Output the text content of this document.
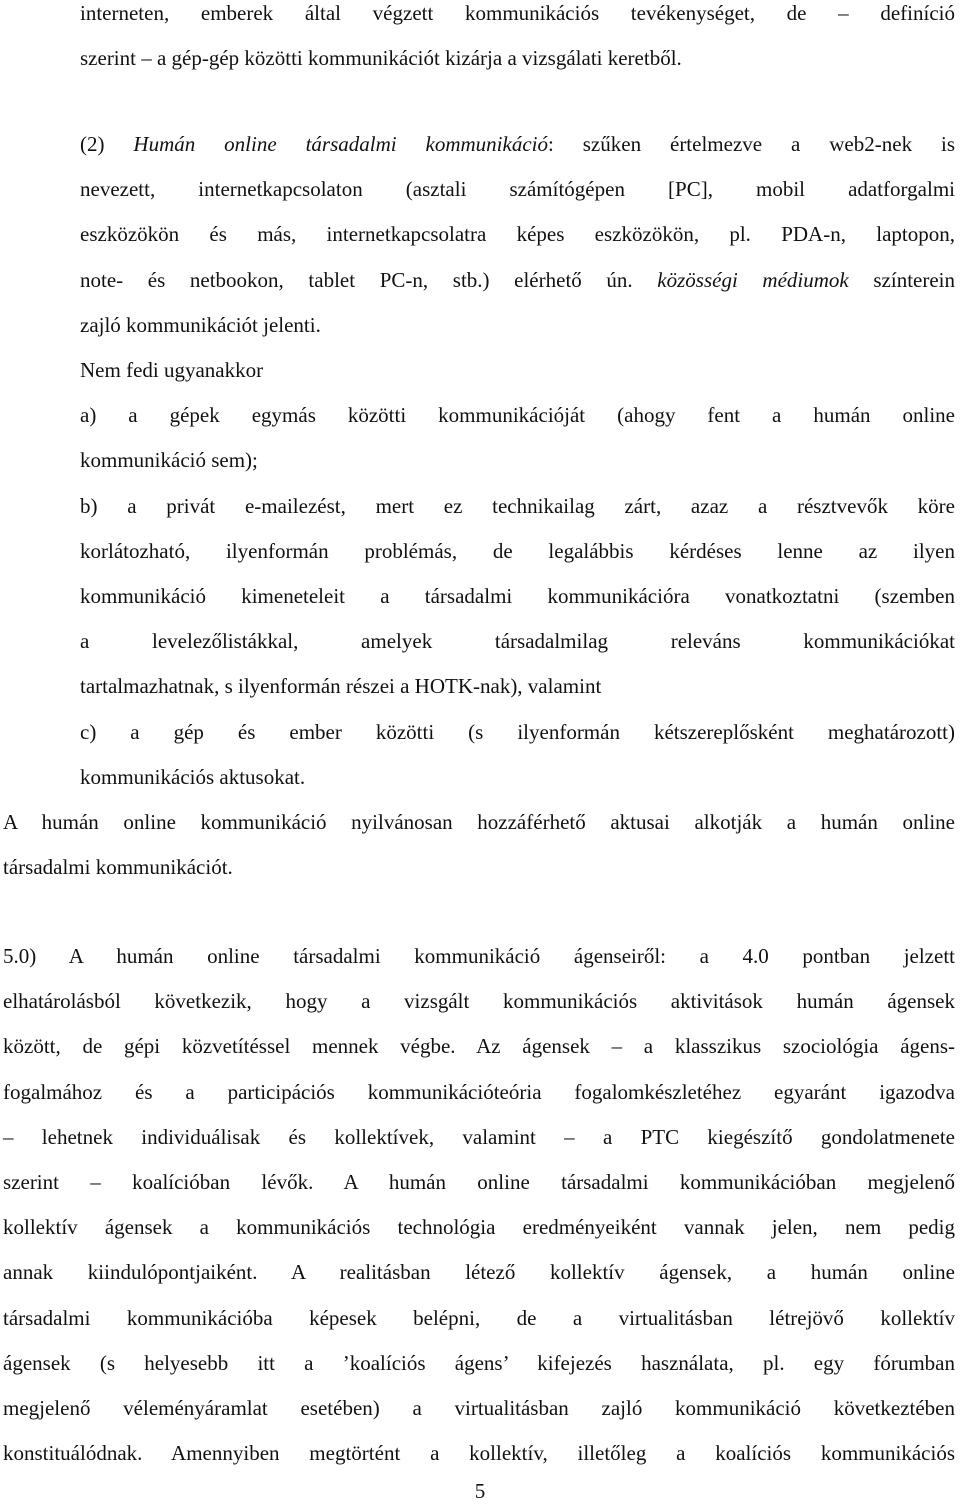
interneten, emberek által végzett kommunikációs tevékenységet, de – definíció
szerint – a gép-gép közötti kommunikációt kizárja a vizsgálati keretből.
(2) Humán online társadalmi kommunikáció: szűken értelmezve a web2-nek is
nevezett, internetkapcsolaton (asztali számítógépen [PC], mobil adatforgalmi
eszközökön és más, internetkapcsolatra képes eszközökön, pl. PDA-n, laptopon,
note- és netbookon, tablet PC-n, stb.) elérhető ún. közösségi médiumok színterein
zajló kommunikációt jelenti.
Nem fedi ugyanakkor
a) a gépek egymás közötti kommunikációját (ahogy fent a humán online
kommunikáció sem);
b) a privát e-mailezést, mert ez technikailag zárt, azaz a résztvevők köre
korlátozható, ilyenformán problémás, de legalábbis kérdéses lenne az ilyen
kommunikáció kimeneteleit a társadalmi kommunikációra vonatkoztatni (szemben
a levelezőlistákkal, amelyek társadalmilag releváns kommunikációkat
tartalmazhatnak, s ilyenformán részei a HOTK-nak), valamint
c) a gép és ember közötti (s ilyenformán kétszereplősként meghatározott)
kommunikációs aktusokat.
A humán online kommunikáció nyilvánosan hozzáférhető aktusai alkotják a humán online
társadalmi kommunikációt.
5.0) A humán online társadalmi kommunikáció ágenseiről: a 4.0 pontban jelzett
elhatárolásból következik, hogy a vizsgált kommunikációs aktivitások humán ágensek
között, de gépi közvetítéssel mennek végbe. Az ágensek – a klasszikus szociológia ágens-
fogalmához és a participációs kommunikációteória fogalomkészletéhez egyaránt igazodva
– lehetnek individuálisak és kollektívek, valamint – a PTC kiegészítő gondolatmenete
szerint – koalícióban lévők. A humán online társadalmi kommunikációban megjelenő
kollektív ágensek a kommunikációs technológia eredményeiként vannak jelen, nem pedig
annak kiindulópontjaiként. A realitásban létező kollektív ágensek, a humán online
társadalmi kommunikációba képesek belépni, de a virtualitásban létrejövő kollektív
ágensek (s helyesebb itt a ’koalíciós ágens’ kifejezés használata, pl. egy fórumban
megjelenő véleményáramlat esetében) a virtualitásban zajló kommunikáció következtében
konstituálódnak. Amennyiben megtörtént a kollektív, illetőleg a koalíciós kommunikációs
5
